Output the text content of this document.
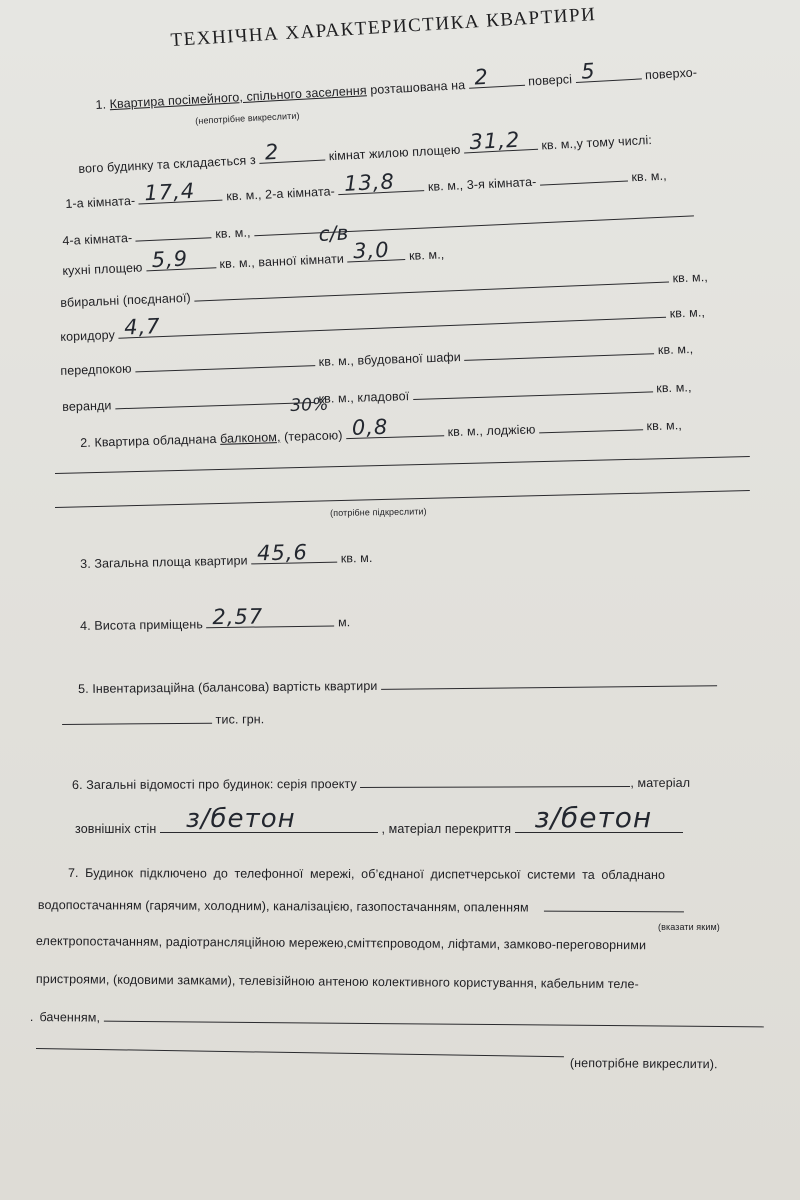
ТЕХНІЧНА ХАРАКТЕРИСТИКА КВАРТИРИ
1. Квартира посімейного, спільного заселення розташована на 2	поверсі 5	поверхо-
(непотрібне викреслити)
вого будинку та складається з 2	кімнат жилою площею 31,2 кв. м.,у тому числі:
1-а кімната- 17,4 кв. м., 2-а кімната- 13,8	кв. м., 3-я кімната-	кв. м.,
4-а кімната-	кв. м.,
кухні площею 5,9 кв. м., ванної кімнати 3,0 кв. м.,
с/в
вбиральні (поєднаної)  кв. м.,
коридору 4,7
кв. м.,
передпокою  кв. м., вбудованої шафи  кв. м.,
веранди  кв. м., кладової  кв. м.,
30%
2. Квартира обладнана балконом, (терасою) 0,8	кв. м., лоджією	кв. м.,
(потрібне підкреслити)
3. Загальна площа квартири 45,6	кв. м.
4. Висота приміщень 2,57	м.
5. Інвентаризаційна (балансова) вартість квартири
тис. грн.
6. Загальні відомості про будинок: серія проекту	, матеріал
зовнішніх стін з/бетон	, матеріал перекриття з/бетон
7. Будинок підключено до телефонної мережі, об’єднаної диспетчерської системи та обладнано
водопостачанням (гарячим, холодним), каналізацією, газопостачанням, опаленням
(вказати яким)
електропостачанням, радіотрансляційною мережею,сміттєпроводом, ліфтами, замково-переговорними
пристроями, (кодовими замками), телевізійною антеною колективного користування, кабельним теле-
. баченням,
(непотрібне викреслити).
